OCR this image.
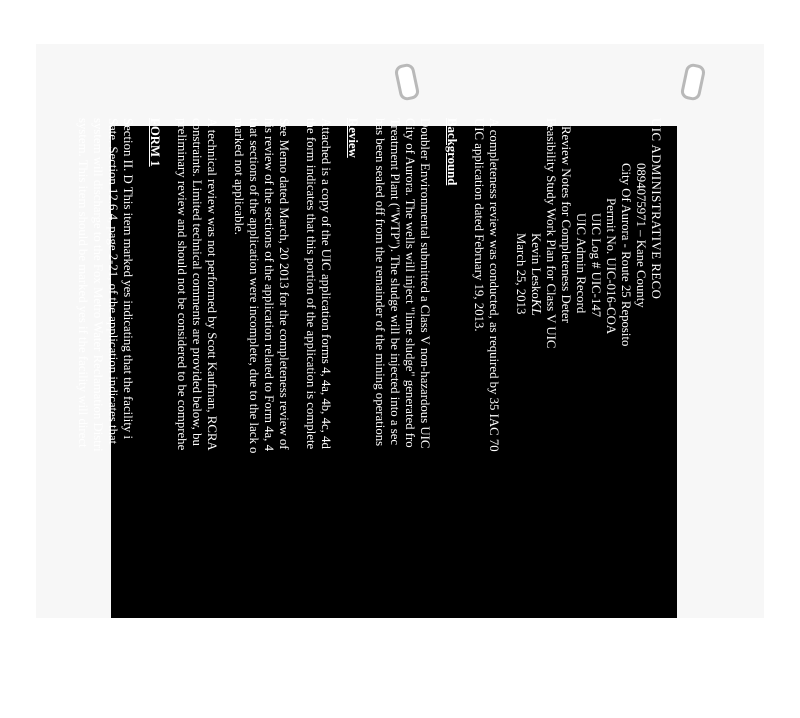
UIC ADMINISTRATIVE RECO
0894075971 – Kane County
City Of Aurora - Route 25 Reposito
Permit No. UIC-016-COA
UIC Log # UIC-147
UIC Admin Record
Review Notes for Completeness Deter
Feasibility Study Work Plan for Class V UIC
Kevin LeskoKL
March 25, 2013
A completeness review was conducted, as required by 35 IAC 70
UIC application dated February 19, 2013.
Background
Doubler Environmental submitted a Class V non-hazardous UIC
City of Aurora. The wells will inject "lime sludge" generated fro
Treatment Plant ("WTP"). The sludge will be injected into a sec
has been sealed off from the remainder of the mining operations
Review
Attached is a copy of the UIC application forms 4, 4a, 4b, 4c, 4d
the form indicates that this portion of the application is complete
See Memo dated March, 20 2013 for the completeness review of
his review of the sections of the application related to Form 4a, 4
that sections of the application were incomplete, due to the lack o
marked not applicable.
A technical review was not performed by Scott Kaufman, RCRA
constraints. Limited technical comments are provided below, bu
preliminary review and should not be considered to be comprehe
FORM 1
Section II. D This item marked yes indicating that the facility i
Sate. Section 12.6.4, page 2-21, of the application indicates that
system will discharge to the Fox Metro Water Reclamation Distri
system. This item should be marked yes if the facility will direct
